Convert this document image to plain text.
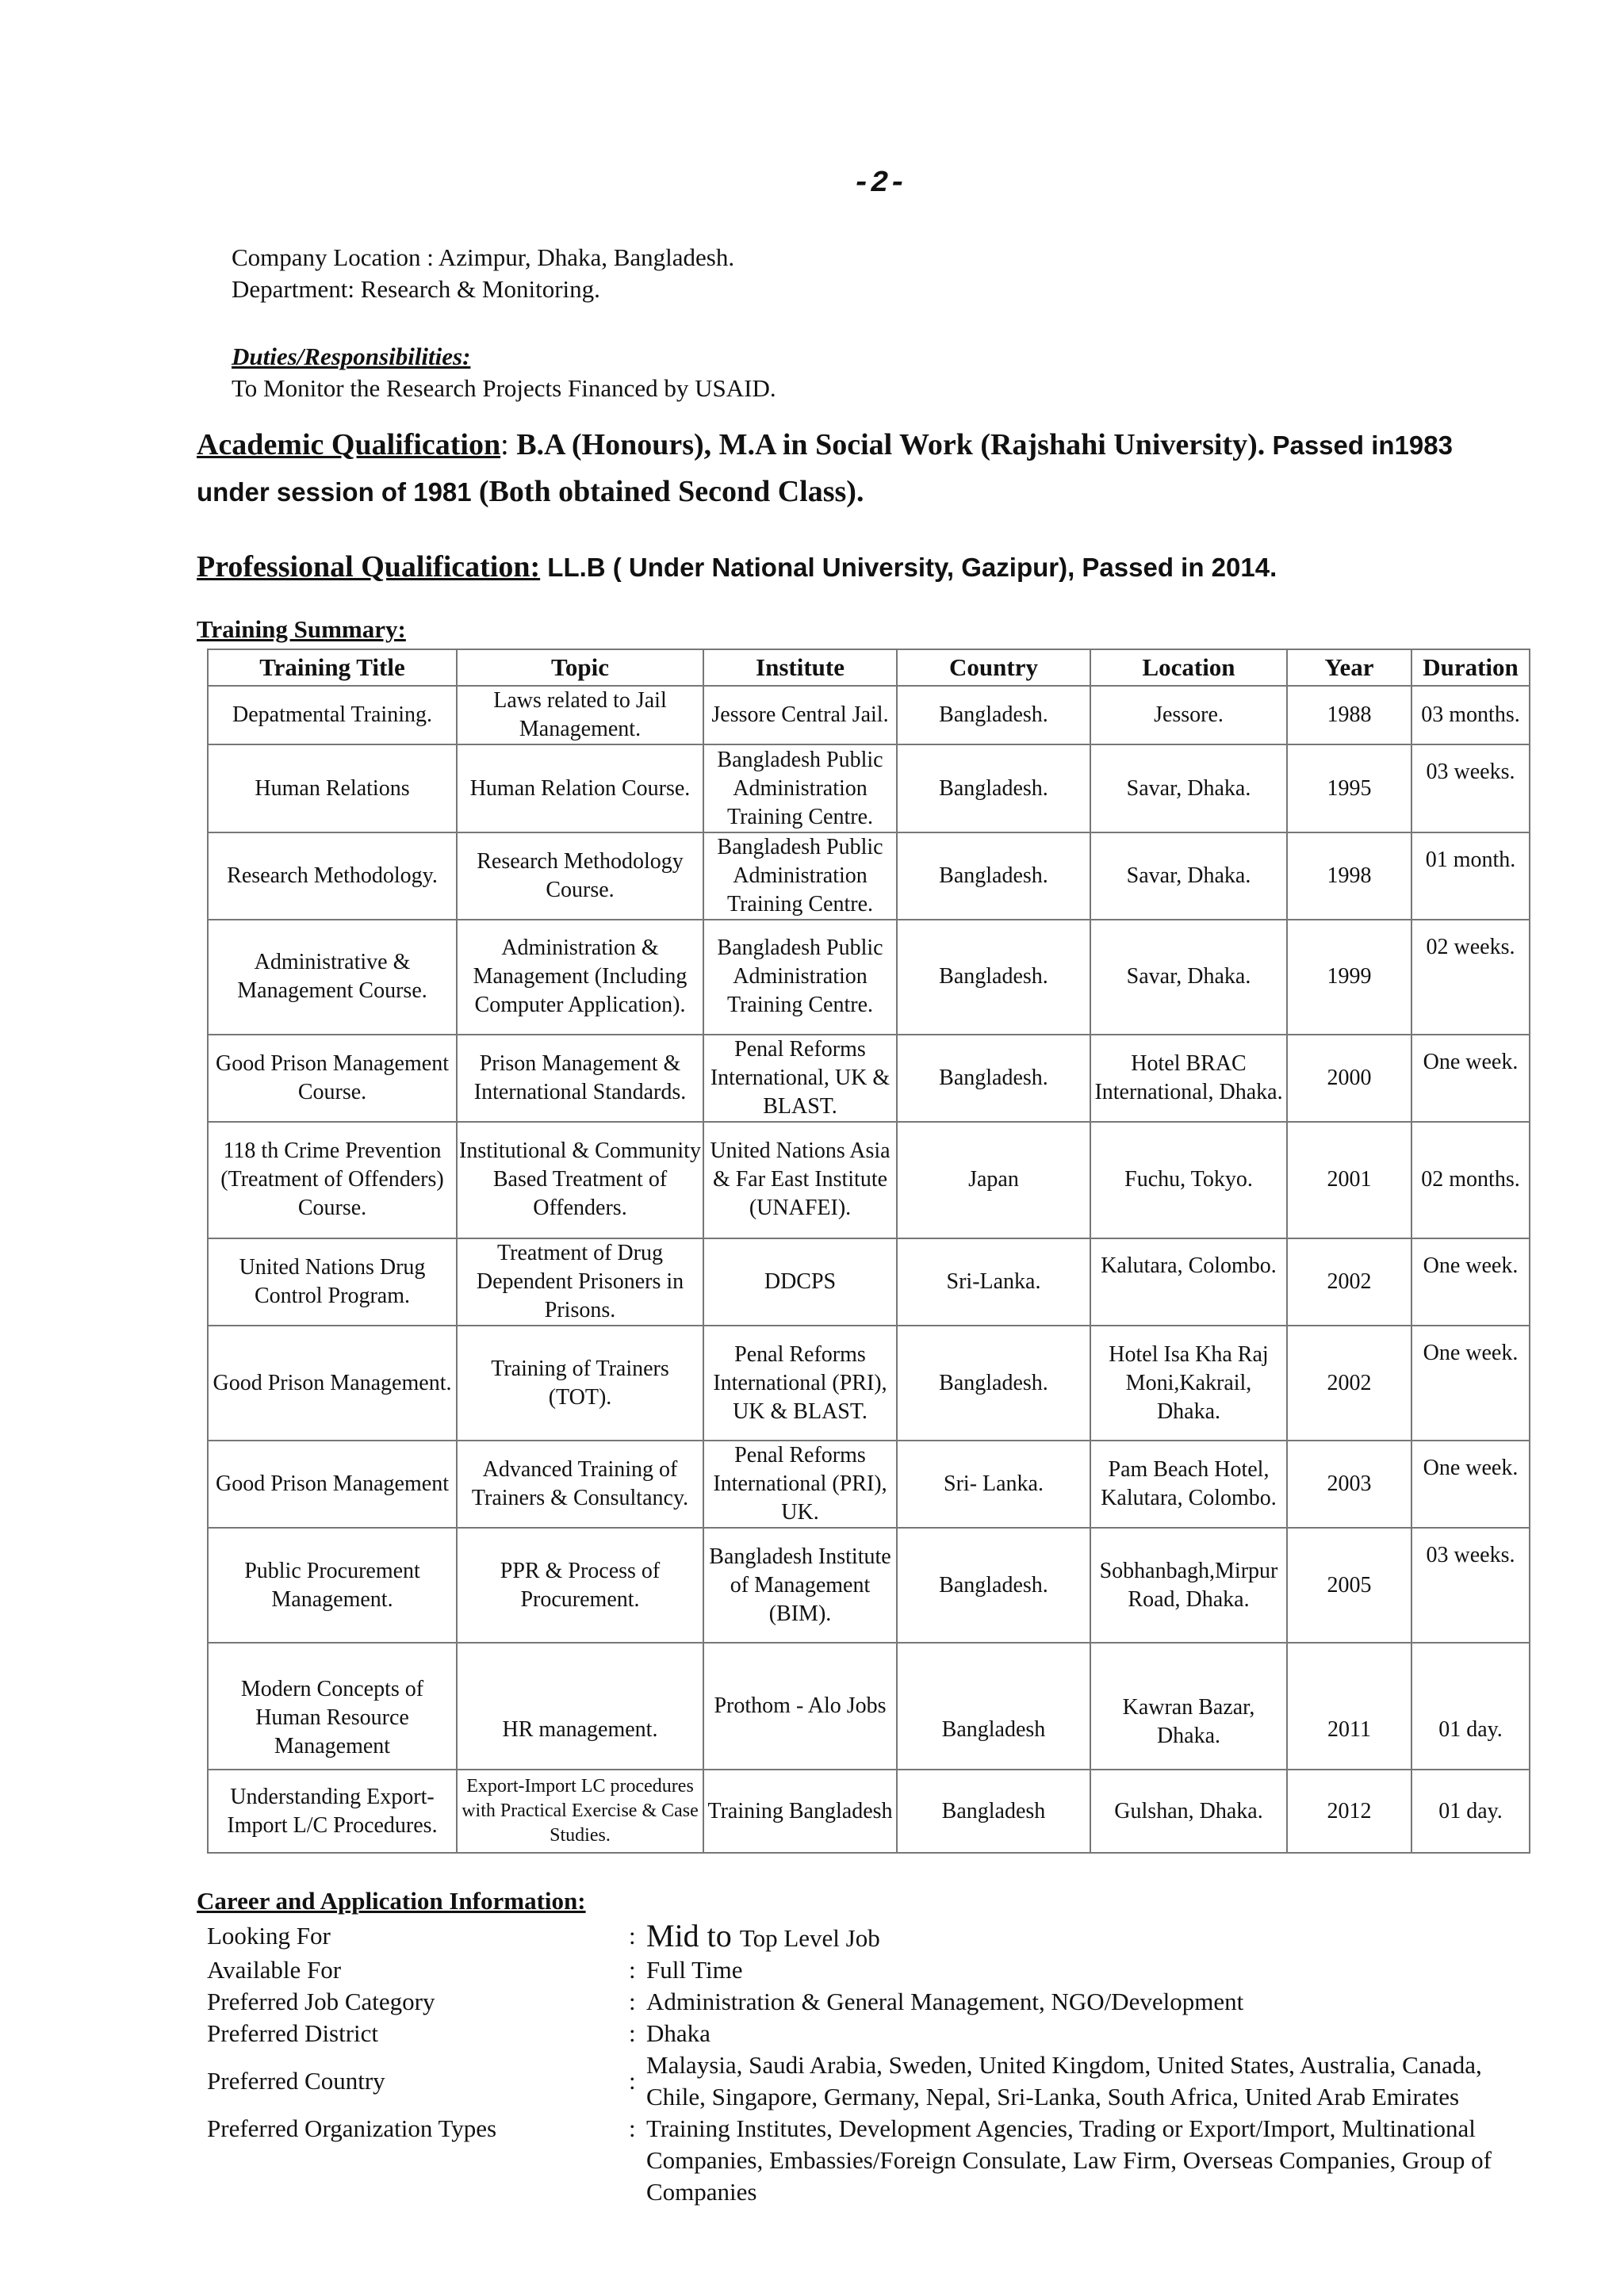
-2-
Company Location : Azimpur, Dhaka, Bangladesh.
Department: Research & Monitoring.
Duties/Responsibilities:
To Monitor the Research Projects Financed by USAID.
Academic Qualification: B.A (Honours), M.A in Social Work (Rajshahi University). Passed in1983 under session of 1981 (Both obtained Second Class).
Professional Qualification: LL.B ( Under National University, Gazipur), Passed in 2014.
Training Summary:
Training Title	Topic	Institute	Country	Location	Year	Duration
Depatmental Training.	Laws related to Jail Management.	Jessore Central Jail.	Bangladesh.	Jessore.	1988	03 months.
Human Relations	Human Relation Course.	Bangladesh Public Administration Training Centre.	Bangladesh.	Savar, Dhaka.	1995	03 weeks.
Research Methodology.	Research Methodology Course.	Bangladesh Public Administration Training Centre.	Bangladesh.	Savar, Dhaka.	1998	01 month.
Administrative & Management Course.	Administration & Management (Including Computer Application).	Bangladesh Public Administration Training Centre.	Bangladesh.	Savar, Dhaka.	1999	02 weeks.
Good Prison Management Course.	Prison Management & International Standards.	Penal Reforms International, UK & BLAST.	Bangladesh.	Hotel BRAC International, Dhaka.	2000	One week.
118 th Crime Prevention (Treatment of Offenders) Course.	Institutional & Community Based Treatment of Offenders.	United Nations Asia & Far East Institute (UNAFEI).	Japan	Fuchu, Tokyo.	2001	02 months.
United Nations Drug Control Program.	Treatment of Drug Dependent Prisoners in Prisons.	DDCPS	Sri-Lanka.	Kalutara, Colombo.	2002	One week.
Good Prison Management.	Training of Trainers (TOT).	Penal Reforms International (PRI), UK & BLAST.	Bangladesh.	Hotel Isa Kha Raj Moni,Kakrail, Dhaka.	2002	One week.
Good Prison Management	Advanced Training of Trainers & Consultancy.	Penal Reforms International (PRI), UK.	Sri- Lanka.	Pam Beach Hotel, Kalutara, Colombo.	2003	One week.
Public Procurement Management.	PPR & Process of Procurement.	Bangladesh Institute of Management (BIM).	Bangladesh.	Sobhanbagh,Mirpur Road, Dhaka.	2005	03 weeks.
Modern Concepts of Human Resource Management	HR management.	Prothom - Alo Jobs	Bangladesh	Kawran Bazar, Dhaka.	2011	01 day.
Understanding Export-Import L/C Procedures.	Export-Import LC procedures with Practical Exercise & Case Studies.	Training Bangladesh	Bangladesh	Gulshan, Dhaka.	2012	01 day.
Career and Application Information:
Looking For	: Mid to Top Level Job
Available For	: Full Time
Preferred Job Category	: Administration & General Management, NGO/Development
Preferred District	: Dhaka
Preferred Country	:
Malaysia, Saudi Arabia, Sweden, United Kingdom, United States, Australia, Canada, Chile, Singapore, Germany, Nepal, Sri-Lanka, South Africa, United Arab Emirates
Preferred Organization Types	: Training Institutes, Development Agencies, Trading or Export/Import, Multinational Companies, Embassies/Foreign Consulate, Law Firm, Overseas Companies, Group of Companies
